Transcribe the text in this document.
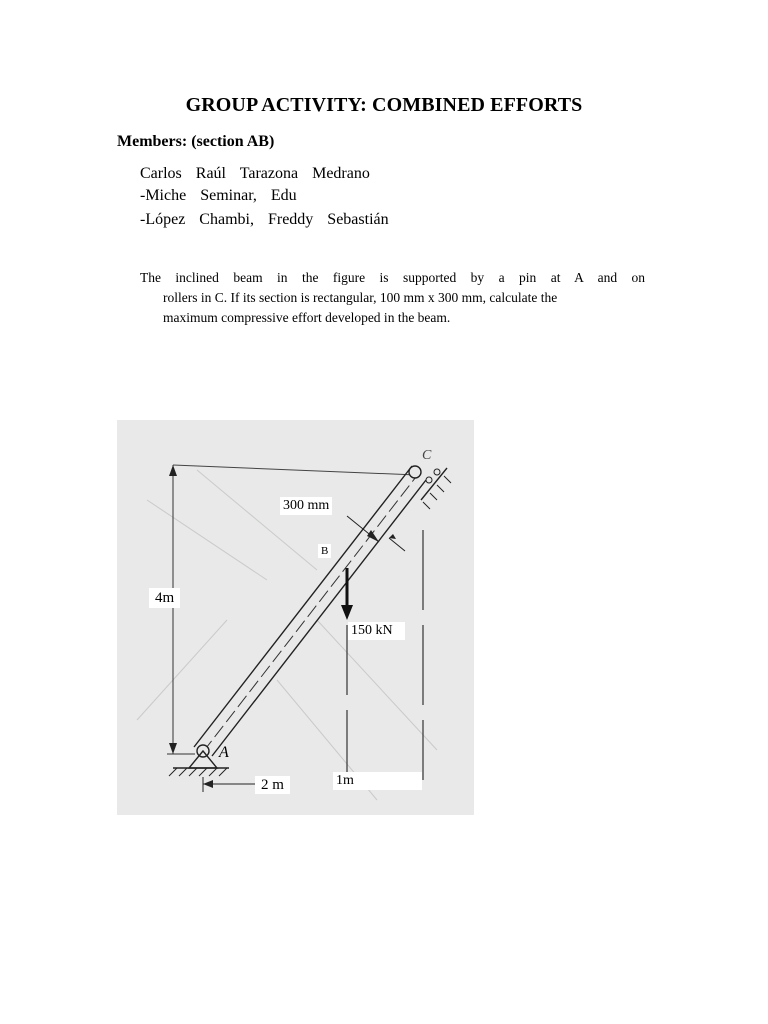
GROUP ACTIVITY: COMBINED EFFORTS
Members: (section AB)
Carlos Raúl Tarazona Medrano
-Miche Seminar, Edu
-López Chambi, Freddy Sebastián
The inclined beam in the figure is supported by a pin at A and on
rollers in C. If its section is rectangular, 100 mm x 300 mm, calculate the
maximum compressive effort developed in the beam.
300 mm
B
4m
150 kN
2 m	1m
A
C
